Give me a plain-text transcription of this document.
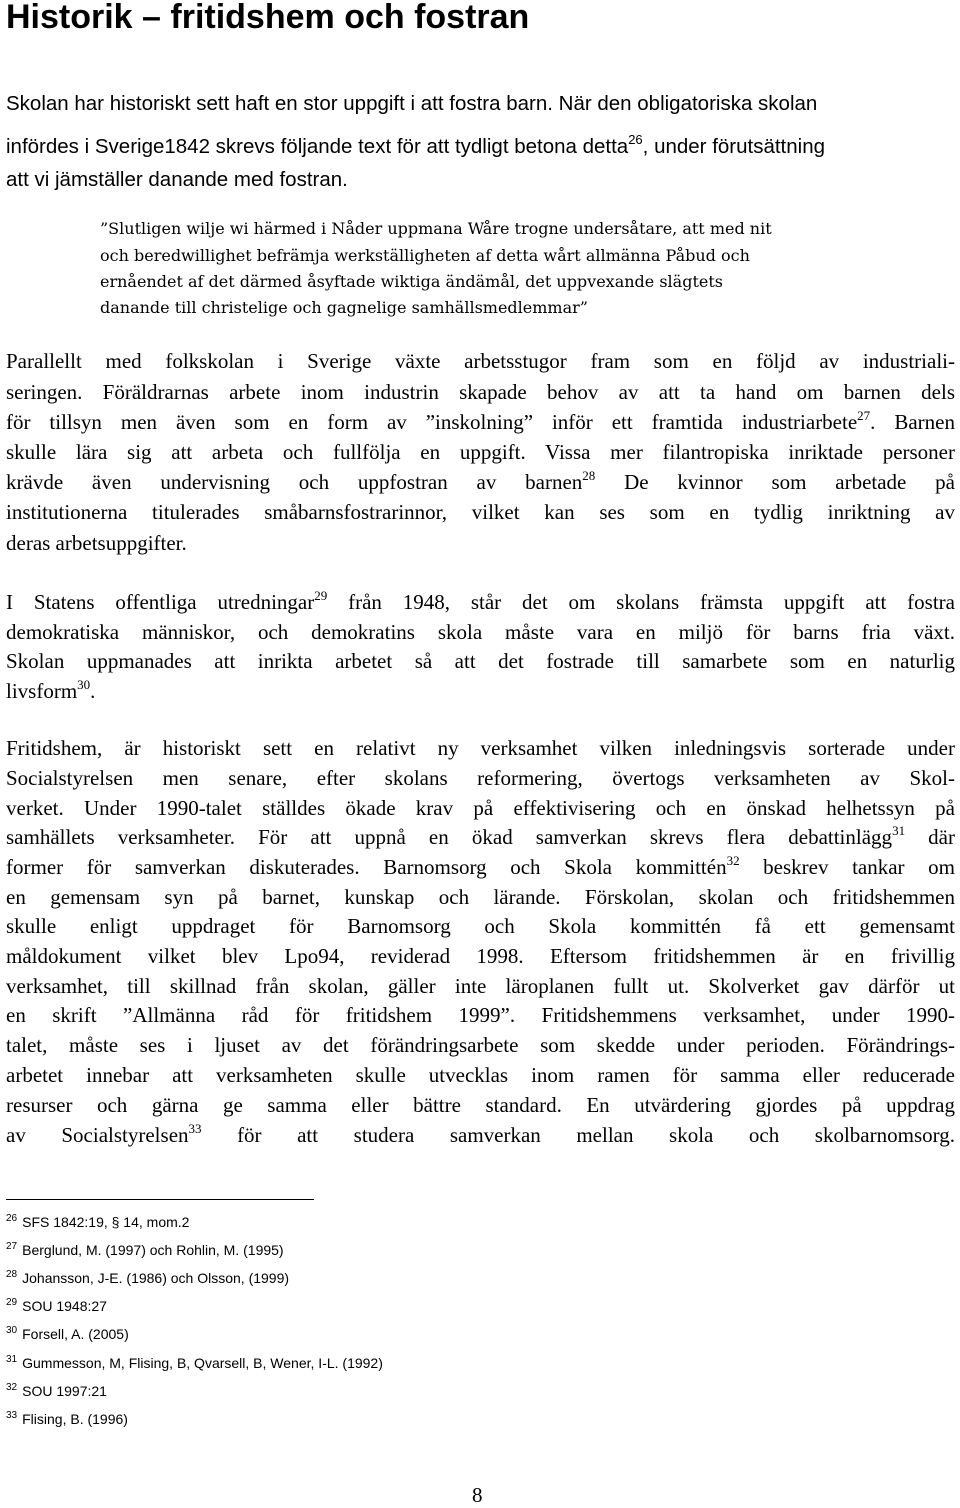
Historik – fritidshem och fostran

Skolan har historiskt sett haft en stor uppgift i att fostra barn. När den obligatoriska skolan

infördes i Sverige1842 skrevs följande text för att tydligt betona detta$^{26}$, under förutsättning

att vi jämställer danande med fostran.

”Slutligen wilje wi härmed i Nåder uppmana Wåre trogne undersåtare, att med nit

och beredwillighet befrämja werkställigheten af detta wårt allmänna Påbud och

ernåendet af det därmed åsyftade wiktiga ändämål, det uppvexande slägtets

danande till christelige och gagnelige samhällsmedlemmar”

Parallellt med folkskolan i Sverige växte arbetsstugor fram som en följd av industriali-

seringen. Föräldrarnas arbete inom industrin skapade behov av att ta hand om barnen dels

för tillsyn men även som en form av ”inskolning” inför ett framtida industriarbete$^{27}$. Barnen

skulle lära sig att arbeta och fullfölja en uppgift. Vissa mer filantropiska inriktade personer

krävde även undervisning och uppfostran av barnen$^{28}$ De kvinnor som arbetade på

institutionerna titulerades småbarnsfostrarinnor, vilket kan ses som en tydlig inriktning av

deras arbetsuppgifter.

I Statens offentliga utredningar$^{29}$ från 1948, står det om skolans främsta uppgift att fostra

demokratiska människor, och demokratins skola måste vara en miljö för barns fria växt.

Skolan uppmanades att inrikta arbetet så att det fostrade till samarbete som en naturlig

livsform$^{30}$.

Fritidshem, är historiskt sett en relativt ny verksamhet vilken inledningsvis sorterade under

Socialstyrelsen men senare, efter skolans reformering, övertogs verksamheten av Skol-

verket. Under 1990-talet ställdes ökade krav på effektivisering och en önskad helhetssyn på

samhällets verksamheter. För att uppnå en ökad samverkan skrevs flera debattinlägg$^{31}$ där

former för samverkan diskuterades. Barnomsorg och Skola kommittén$^{32}$ beskrev tankar om

en gemensam syn på barnet, kunskap och lärande. Förskolan, skolan och fritidshemmen

skulle enligt uppdraget för Barnomsorg och Skola kommittén få ett gemensamt

måldokument vilket blev Lpo94, reviderad 1998. Eftersom fritidshemmen är en frivillig

verksamhet, till skillnad från skolan, gäller inte läroplanen fullt ut. Skolverket gav därför ut

en skrift ”Allmänna råd för fritidshem 1999”. Fritidshemmens verksamhet, under 1990-

talet, måste ses i ljuset av det förändringsarbete som skedde under perioden. Förändrings-

arbetet innebar att verksamheten skulle utvecklas inom ramen för samma eller reducerade

resurser och gärna ge samma eller bättre standard. En utvärdering gjordes på uppdrag

av Socialstyrelsen$^{33}$ för att studera samverkan mellan skola och skolbarnomsorg.

$^{26}$ SFS 1842:19, § 14, mom.2

$^{27}$ Berglund, M. (1997) och Rohlin, M. (1995)

$^{28}$ Johansson, J-E. (1986) och Olsson, (1999)

$^{29}$ SOU 1948:27

$^{30}$ Forsell, A. (2005)

$^{31}$ Gummesson, M, Flising, B, Qvarsell, B, Wener, I-L. (1992)

$^{32}$ SOU 1997:21

$^{33}$ Flising, B. (1996)

8
